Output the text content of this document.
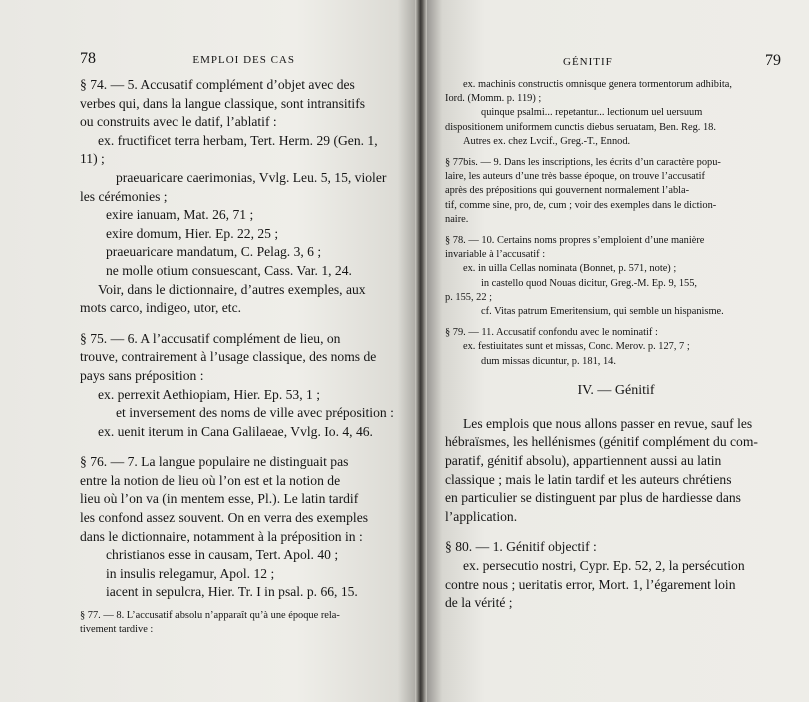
78	EMPLOI DES CAS

§ 74. — 5. Accusatif complément d’objet avec des

verbes qui, dans la langue classique, sont intransitifs

ou construits avec le datif, l’ablatif :

ex. fructificet terra herbam, Tert. Herm. 29 (Gen. 1,

11) ;

praeuaricare caerimonias, Vvlg. Leu. 5, 15, violer

les cérémonies ;

exire ianuam, Mat. 26, 71 ;

exire domum, Hier. Ep. 22, 25 ;

praeuaricare mandatum, C. Pelag. 3, 6 ;

ne molle otium consuescant, Cass. Var. 1, 24.

Voir, dans le dictionnaire, d’autres exemples, aux

mots carco, indigeo, utor, etc.

§ 75. — 6. A l’accusatif complément de lieu, on

trouve, contrairement à l’usage classique, des noms de

pays sans préposition :

ex. perrexit Aethiopiam, Hier. Ep. 53, 1 ;

et inversement des noms de ville avec préposition :

ex. uenit iterum in Cana Galilaeae, Vvlg. Io. 4, 46.

§ 76. — 7. La langue populaire ne distinguait pas

entre la notion de lieu où l’on est et la notion de

lieu où l’on va (in mentem esse, Pl.). Le latin tardif

les confond assez souvent. On en verra des exemples

dans le dictionnaire, notamment à la préposition in :

christianos esse in causam, Tert. Apol. 40 ;

in insulis relegamur, Apol. 12 ;

iacent in sepulcra, Hier. Tr. I in psal. p. 66, 15.

§ 77. — 8. L’accusatif absolu n’apparaît qu’à une époque rela-

tivement tardive :

GÉNITIF	79

ex. machinis constructis omnisque genera tormentorum adhibita,

Iord. (Momm. p. 119) ;

quinque psalmi... repetantur... lectionum uel uersuum

dispositionem uniformem cunctis diebus seruatam, Ben. Reg. 18.

Autres ex. chez Lvcif., Greg.-T., Ennod.

§ 77bis. — 9. Dans les inscriptions, les écrits d’un caractère popu-

laire, les auteurs d’une très basse époque, on trouve l’accusatif

après des prépositions qui gouvernent normalement l’abla-

tif, comme sine, pro, de, cum ; voir des exemples dans le diction-

naire.

§ 78. — 10. Certains noms propres s’emploient d’une manière

invariable à l’accusatif :

ex. in uilla Cellas nominata (Bonnet, p. 571, note) ;

in castello quod Nouas dicitur, Greg.-M. Ep. 9, 155,

p. 155, 22 ;

cf. Vitas patrum Emeritensium, qui semble un hispanisme.

§ 79. — 11. Accusatif confondu avec le nominatif :

ex. festiuitates sunt et missas, Conc. Merov. p. 127, 7 ;

dum missas dicuntur, p. 181, 14.

IV. — Génitif

Les emplois que nous allons passer en revue, sauf les

hébraïsmes, les hellénismes (génitif complément du com-

paratif, génitif absolu), appartiennent aussi au latin

classique ; mais le latin tardif et les auteurs chrétiens

en particulier se distinguent par plus de hardiesse dans

l’application.

§ 80. — 1. Génitif objectif :

ex. persecutio nostri, Cypr. Ep. 52, 2, la persécution

contre nous ; ueritatis error, Mort. 1, l’égarement loin

de la vérité ;
